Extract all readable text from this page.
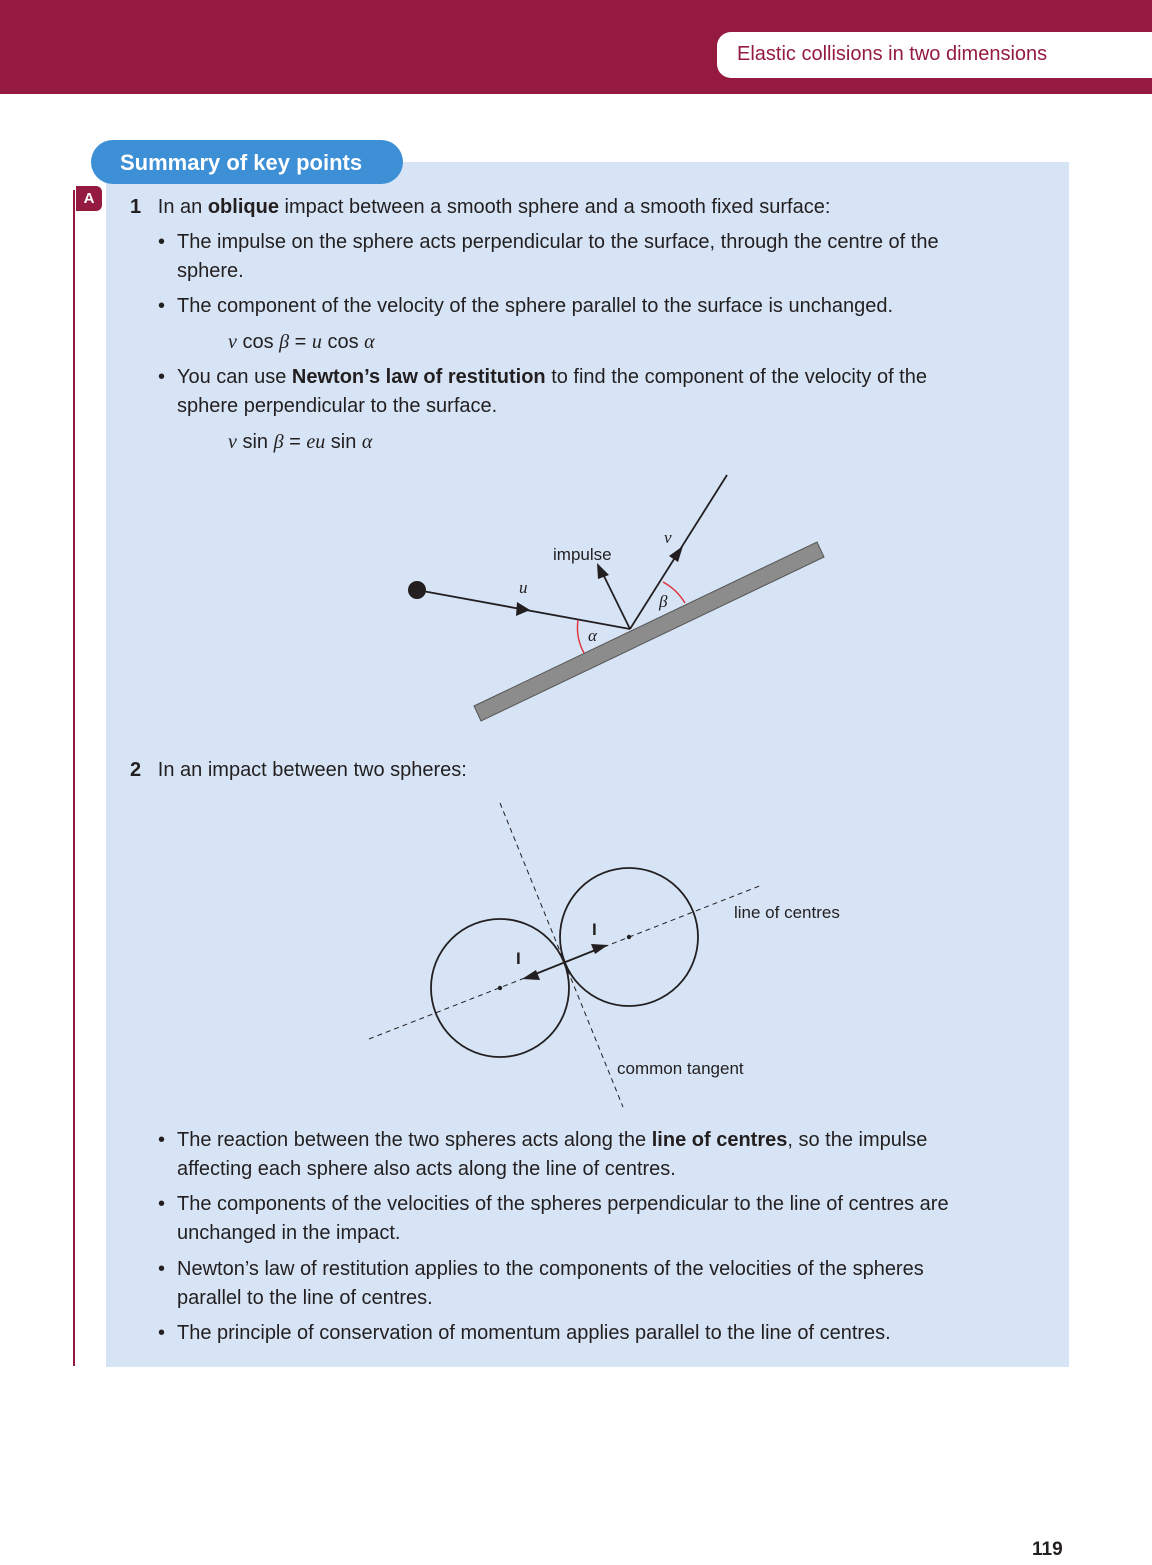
Elastic collisions in two dimensions
Summary of key points
A	1 In an oblique impact between a smooth sphere and a smooth fixed surface:
• The impulse on the sphere acts perpendicular to the surface, through the centre of the
sphere.
• The component of the velocity of the sphere parallel to the surface is unchanged.
v cos β = u cos α
• You can use Newton’s law of restitution to find the component of the velocity of the
sphere perpendicular to the surface.
v sin β = eu sin α
2 In an impact between two spheres:
• The reaction between the two spheres acts along the line of centres, so the impulse
affecting each sphere also acts along the line of centres.
• The components of the velocities of the spheres perpendicular to the line of centres are
unchanged in the impact.
• Newton’s law of restitution applies to the components of the velocities of the spheres
parallel to the line of centres.
• The principle of conservation of momentum applies parallel to the line of centres.
119
impulse
u
v
α
β
I
I
line of centres
common tangent
